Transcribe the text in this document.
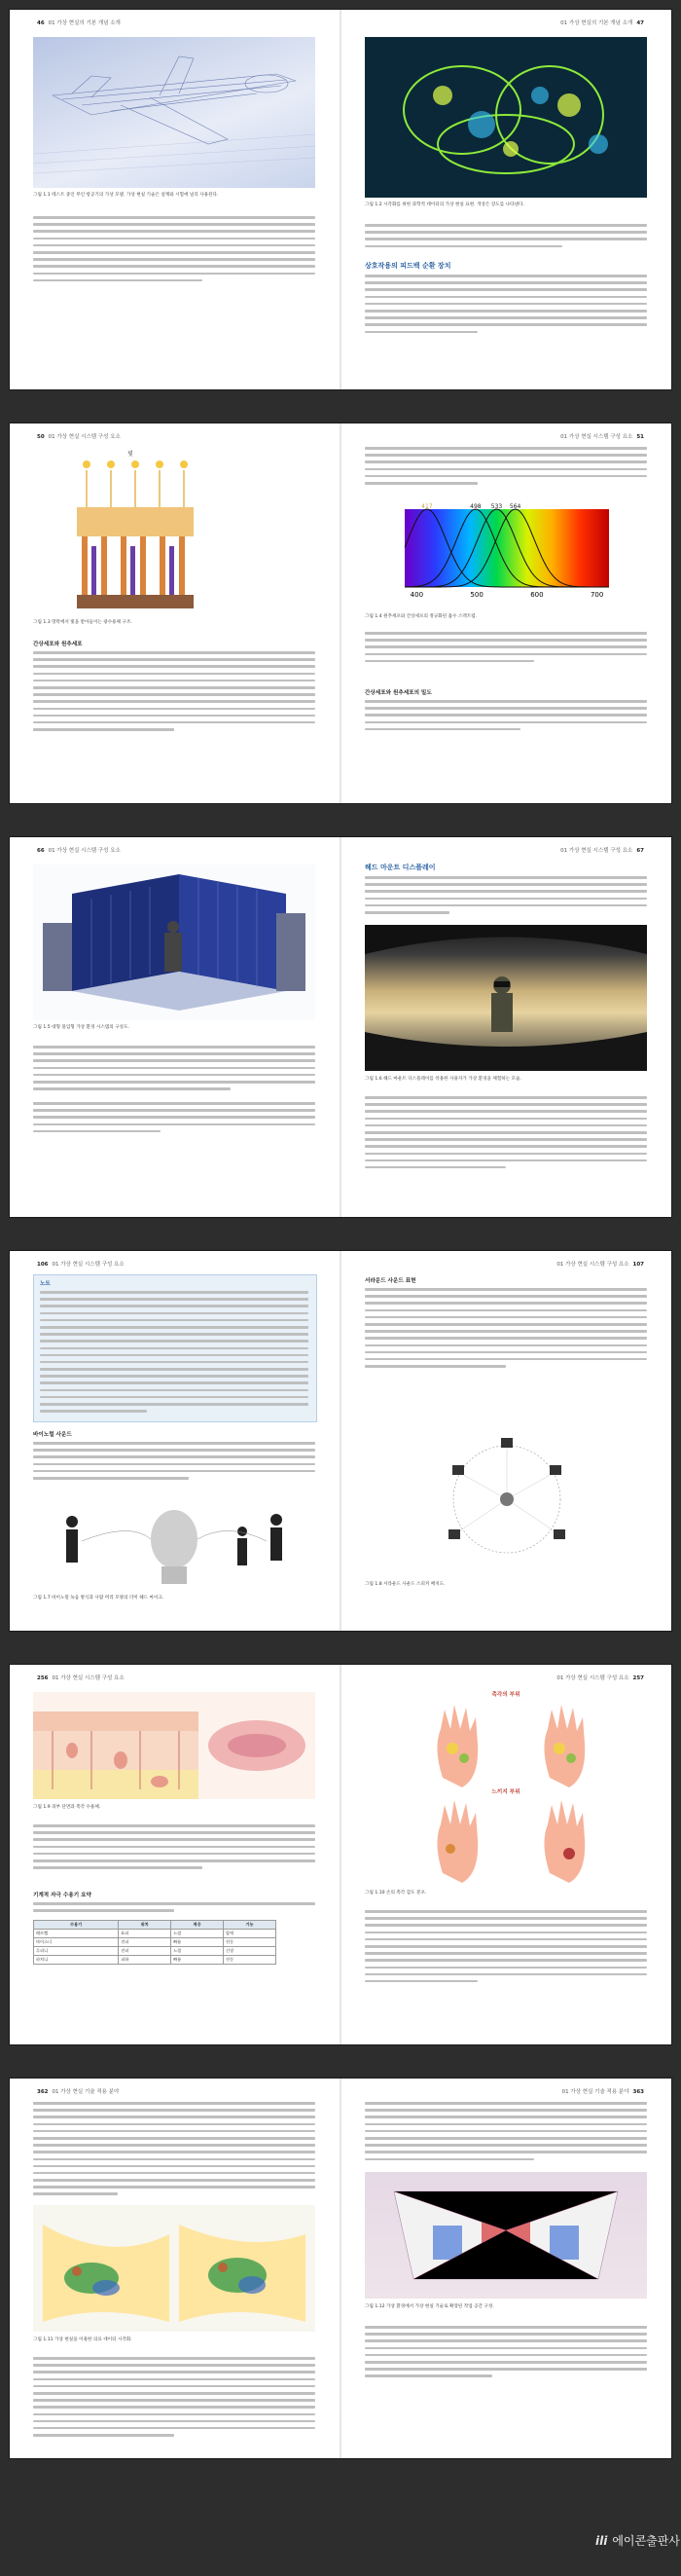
46 01 가상 현실의 기본 개념 소개
그림 1.1 테스트 중인 무인 항공기의 가상 모델. 가상 현실 기술은 설계와 시험에 널리 사용된다.
01 가상 현실의 기본 개념 소개 47
그림 1.2 시각화를 위한 과학적 데이터의 가상 현실 표현. 색상은 강도를 나타낸다.
상호작용의 피드백 순환 장치
50 01 가상 현실 시스템 구성 요소
빛
그림 1.3 망막에서 빛을 받아들이는 광수용체 구조.
간상세포와 원추세포
01 가상 현실 시스템 구성 요소 51
400	500	600	700
417	498 533 564
그림 1.4 원추세포와 간상세포의 정규화된 흡수 스펙트럼.
간상세포와 원추세포의 밀도
66 01 가상 현실 시스템 구성 요소
그림 1.5 대형 몰입형 가상 환경 시스템의 구성도.
01 가상 현실 시스템 구성 요소 67
헤드 마운트 디스플레이
그림 1.6 헤드 마운트 디스플레이를 착용한 사용자가 가상 환경을 체험하는 모습.
106 01 가상 현실 시스템 구성 요소
노트
바이노럴 사운드
그림 1.7 바이노럴 녹음 방식과 사람 머리 모양의 더미 헤드 마이크.
01 가상 현실 시스템 구성 요소 107
서라운드 사운드 표현
그림 1.8 서라운드 사운드 스피커 배치도.
256 01 가상 현실 시스템 구성 요소
그림 1.9 피부 단면과 촉각 수용체.
기계적 자극 수용기 요약
수용기	위치	적응	기능
메르켈	표피	느림	압력
마이스너	진피	빠름	진동
루피니	진피	느림	신장
파치니	피하	빠름	진동
01 가상 현실 시스템 구성 요소 257
촉각의 부위
느끼지 부위
그림 1.10 손의 촉각 감도 분포.
362 01 가상 현실 기술 적용 분야
그림 1.11 가상 현실을 이용한 의료 데이터 시각화.
01 가상 현실 기술 적용 분야 363
그림 1.12 가상 환경에서 가상 현실 기술로 확장된 작업 공간 구성.
ili 에이콘출판사
